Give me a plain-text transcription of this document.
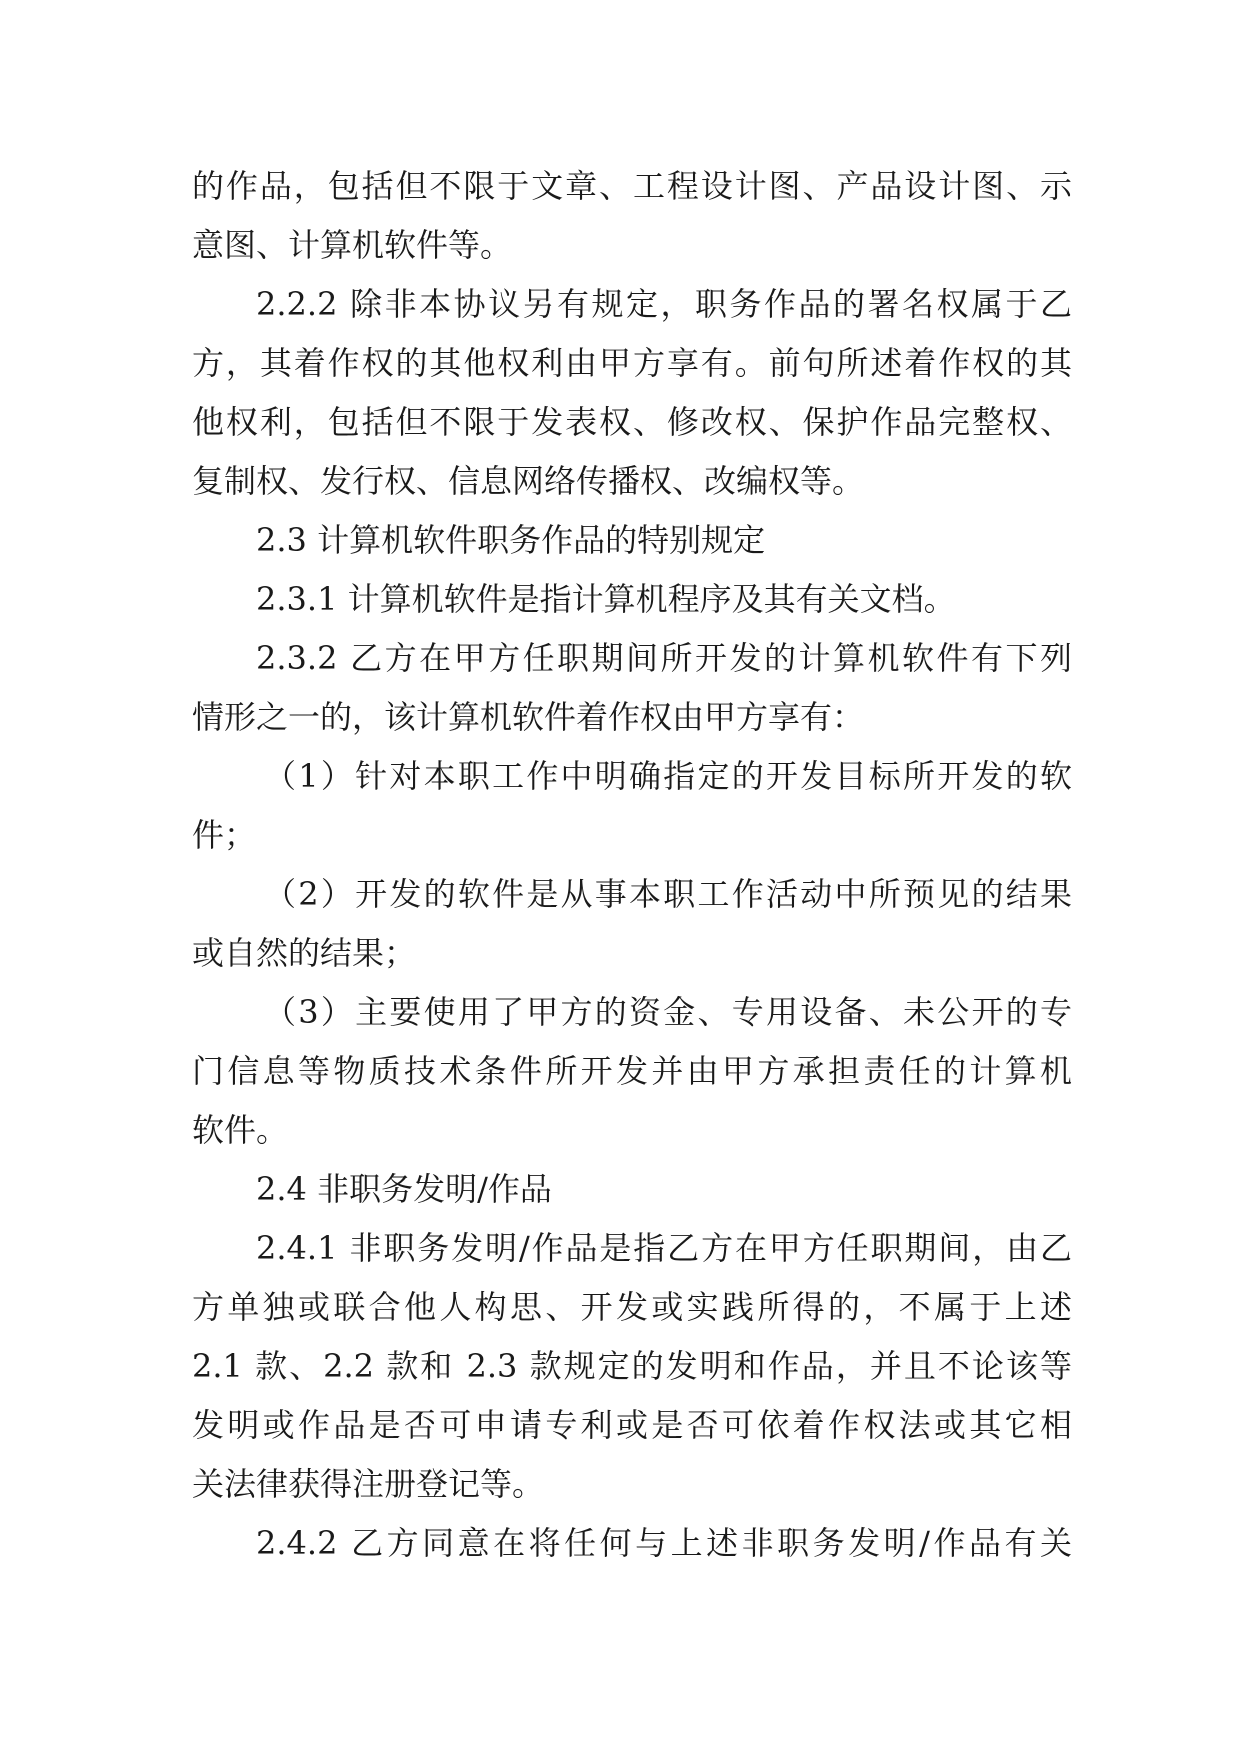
的作品，包括但不限于文章、工程设计图、产品设计图、示
意图、计算机软件等。
2.2.2 除非本协议另有规定，职务作品的署名权属于乙
方，其着作权的其他权利由甲方享有。前句所述着作权的其
他权利，包括但不限于发表权、修改权、保护作品完整权、
复制权、发行权、信息网络传播权、改编权等。
2.3 计算机软件职务作品的特别规定
2.3.1 计算机软件是指计算机程序及其有关文档。
2.3.2 乙方在甲方任职期间所开发的计算机软件有下列
情形之一的，该计算机软件着作权由甲方享有：
（1）针对本职工作中明确指定的开发目标所开发的软
件；
（2）开发的软件是从事本职工作活动中所预见的结果
或自然的结果；
（3）主要使用了甲方的资金、专用设备、未公开的专
门信息等物质技术条件所开发并由甲方承担责任的计算机
软件。
2.4 非职务发明/作品
2.4.1 非职务发明/作品是指乙方在甲方任职期间，由乙
方单独或联合他人构思、开发或实践所得的，不属于上述
2.1 款、2.2 款和 2.3 款规定的发明和作品，并且不论该等
发明或作品是否可申请专利或是否可依着作权法或其它相
关法律获得注册登记等。
2.4.2 乙方同意在将任何与上述非职务发明/作品有关
